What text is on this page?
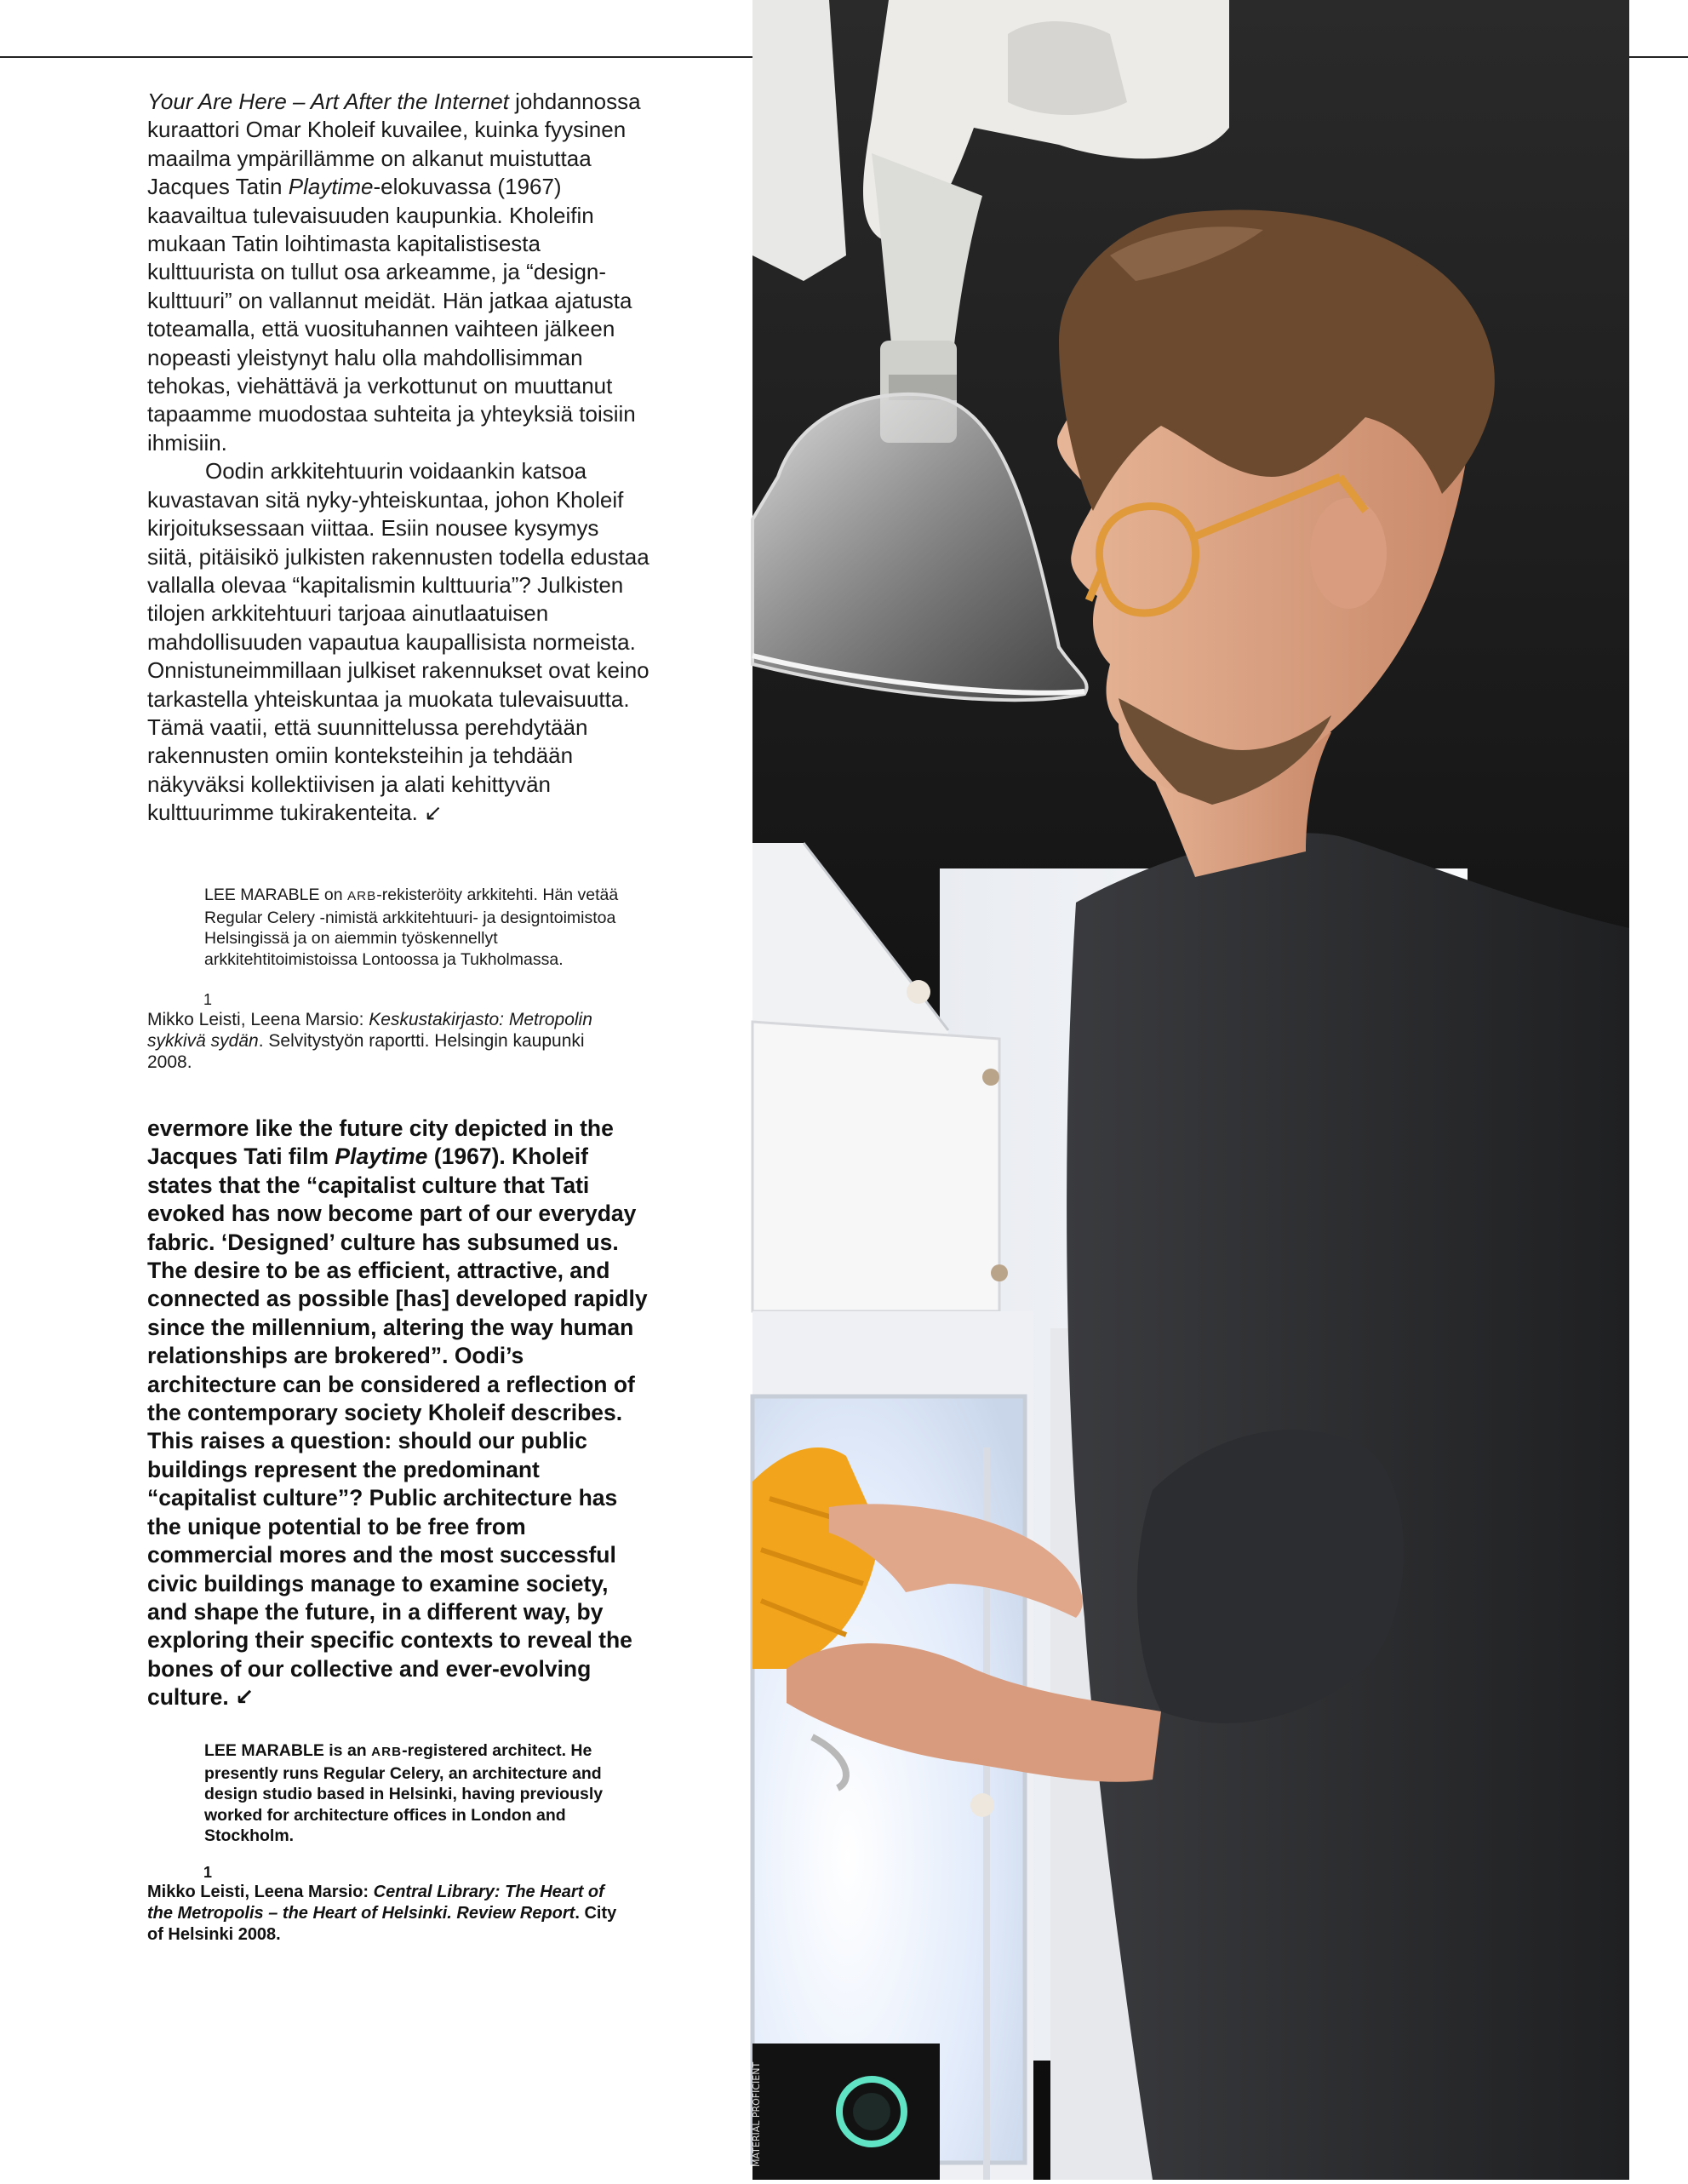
Your Are Here – Art After the Internet johdannossa kuraattori Omar Kholeif kuvailee, kuinka fyysinen maailma ympärillämme on alkanut muistuttaa Jacques Tatin Playtime-elokuvassa (1967) kaavailtua tulevaisuuden kaupunkia. Kholeifin mukaan Tatin loihtimasta kapitalistisesta kulttuurista on tullut osa arkeamme, ja “design-kulttuuri” on vallannut meidät. Hän jatkaa ajatusta toteamalla, että vuosituhannen vaihteen jälkeen nopeasti yleistynyt halu olla mahdollisimman tehokas, viehättävä ja verkottunut on muuttanut tapaamme muodostaa suhteita ja yhteyksiä toisiin ihmisiin.

Oodin arkkitehtuurin voidaankin katsoa kuvastavan sitä nyky-yhteiskuntaa, johon Kholeif kirjoituksessaan viittaa. Esiin nousee kysymys siitä, pitäisikö julkisten rakennusten todella edustaa vallalla olevaa “kapitalismin kulttuuria”? Julkisten tilojen arkkitehtuuri tarjoaa ainutlaatuisen mahdollisuuden vapautua kaupallisista normeista. Onnistuneimmillaan julkiset rakennukset ovat keino tarkastella yhteiskuntaa ja muokata tulevaisuutta. Tämä vaatii, että suunnittelussa perehdytään rakennusten omiin konteksteihin ja tehdään näkyväksi kollektiivisen ja alati kehittyvän kulttuurimme tukirakenteita. ↙

LEE MARABLE on ARB-rekisteröity arkkitehti. Hän vetää Regular Celery -nimistä arkkitehtuuri- ja designtoimistoa Helsingissä ja on aiemmin työskennellyt arkkitehtitoimistoissa Lontoossa ja Tukholmassa.
1
Mikko Leisti, Leena Marsio: Keskustakirjasto: Metropolin sykkivä sydän. Selvitystyön raportti. Helsingin kaupunki 2008.

evermore like the future city depicted in the Jacques Tati film Playtime (1967). Kholeif states that the “capitalist culture that Tati evoked has now become part of our everyday fabric. ‘Designed’ culture has subsumed us. The desire to be as efficient, attractive, and connected as possible [has] developed rapidly since the millennium, altering the way human relationships are brokered”. Oodi’s architecture can be considered a reflection of the contemporary society Kholeif describes. This raises a question: should our public buildings represent the predominant “capitalist culture”? Public architecture has the unique potential to be free from commercial mores and the most successful civic buildings manage to examine society, and shape the future, in a different way, by exploring their specific contexts to reveal the bones of our collective and ever-evolving culture. ↙

LEE MARABLE is an ARB-registered architect. He presently runs Regular Celery, an architecture and design studio based in Helsinki, having previously worked for architecture offices in London and Stockholm.
1
Mikko Leisti, Leena Marsio: Central Library: The Heart of the Metropolis – the Heart of Helsinki. Review Report. City of Helsinki 2008.
MATERIAL PROFICIENT
